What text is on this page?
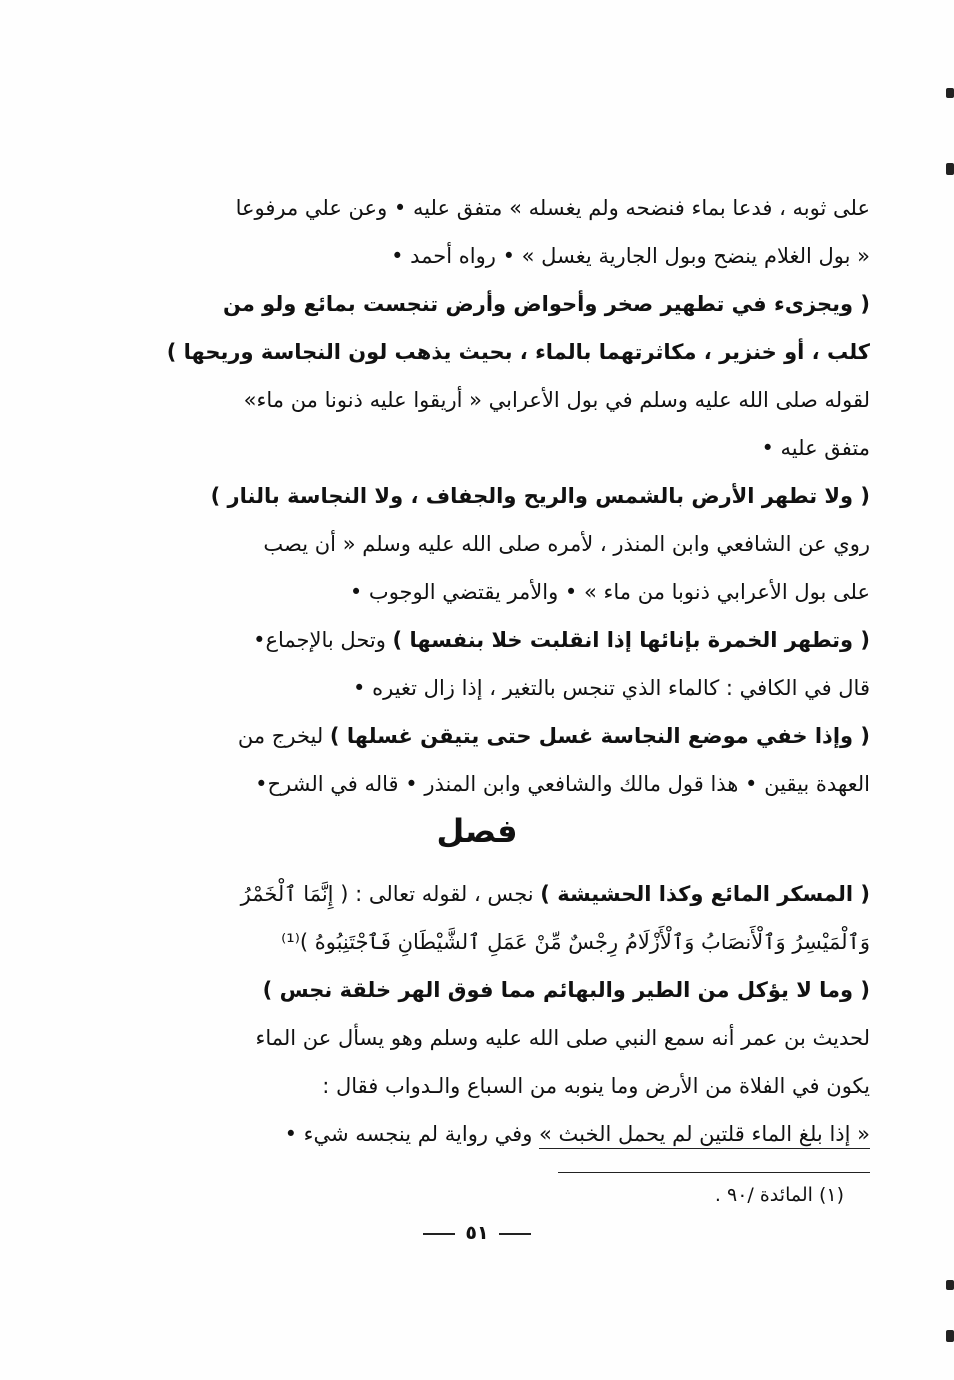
على ثوبه ، فدعا بماء فنضحه ولم يغسله » متفق عليه • وعن علي مرفوعا
« بول الغلام ينضح وبول الجارية يغسل » • رواه أحمد •
( ويجزىء في تطهير صخر وأحواض وأرض تنجست بمائع ولو من
كلب ، أو خنزير ، مكاثرتهما بالماء ، بحيث يذهب لون النجاسة وريحها )
لقوله صلى الله عليه وسلم في بول الأعرابي « أريقوا عليه ذنونا من ماء»
متفق عليه •
( ولا تطهر الأرض بالشمس والريح والجفاف ، ولا النجاسة بالنار )
روي عن الشافعي وابن المنذر ، لأمره صلى الله عليه وسلم « أن يصب
على بول الأعرابي ذنوبا من ماء » • والأمر يقتضي الوجوب •
( وتطهر الخمرة بإنائها إذا انقلبت خلا بنفسها ) وتحل بالإجماع•
قال في الكافي : كالماء الذي تنجس بالتغير ، إذا زال تغيره •
( وإذا خفي موضع النجاسة غسل حتى يتيقن غسلها ) ليخرج من
العهدة بيقين • هذا قول مالك والشافعي وابن المنذر • قاله في الشرح•
فصل
( المسكر المائع وكذا الحشيشة ) نجس ، لقوله تعالى : ( إِنَّمَا ٱلْخَمْرُ
وَٱلْمَيْسِرُ وَٱلْأَنصَابُ وَٱلْأَزْلَامُ رِجْسٌ مِّنْ عَمَلِ ٱلشَّيْطَانِ فَٱجْتَنِبُوهُ )⁽¹⁾
( وما لا يؤكل من الطير والبهائم مما فوق الهر خلقة نجس )
لحديث بن عمر أنه سمع النبي صلى الله عليه وسلم وهو يسأل عن الماء
يكون في الفلاة من الأرض وما ينوبه من السباع والـدواب فقال :
« إذا بلغ الماء قلتين لم يحمل الخبث » وفي رواية لم ينجسه شيء •
(١) المائدة /٩٠ .
٥١
